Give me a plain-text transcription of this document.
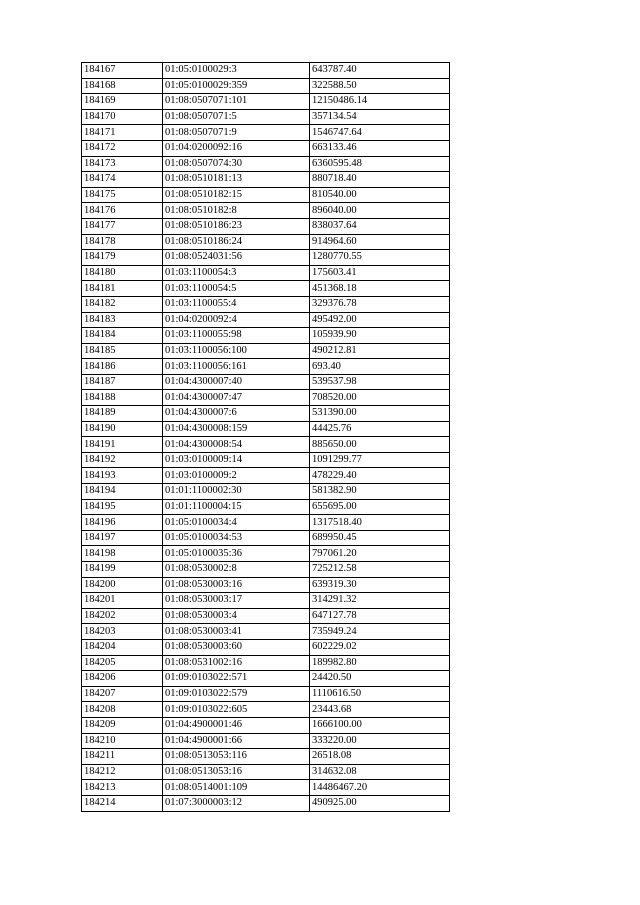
184167	01:05:0100029:3	643787.40
184168	01:05:0100029:359	322588.50
184169	01:08:0507071:101	12150486.14
184170	01:08:0507071:5	357134.54
184171	01:08:0507071:9	1546747.64
184172	01:04:0200092:16	663133.46
184173	01:08:0507074:30	6360595.48
184174	01:08:0510181:13	880718.40
184175	01:08:0510182:15	810540.00
184176	01:08:0510182:8	896040.00
184177	01:08:0510186:23	838037.64
184178	01:08:0510186:24	914964.60
184179	01:08:0524031:56	1280770.55
184180	01:03:1100054:3	175603.41
184181	01:03:1100054:5	451368.18
184182	01:03:1100055:4	329376.78
184183	01:04:0200092:4	495492.00
184184	01:03:1100055:98	105939.90
184185	01:03:1100056:100	490212.81
184186	01:03:1100056:161	693.40
184187	01:04:4300007:40	539537.98
184188	01:04:4300007:47	708520.00
184189	01:04:4300007:6	531390.00
184190	01:04:4300008:159	44425.76
184191	01:04:4300008:54	885650.00
184192	01:03:0100009:14	1091299.77
184193	01:03:0100009:2	478229.40
184194	01:01:1100002:30	581382.90
184195	01:01:1100004:15	655695.00
184196	01:05:0100034:4	1317518.40
184197	01:05:0100034:53	689950.45
184198	01:05:0100035:36	797061.20
184199	01:08:0530002:8	725212.58
184200	01:08:0530003:16	639319.30
184201	01:08:0530003:17	314291.32
184202	01:08:0530003:4	647127.78
184203	01:08:0530003:41	735949.24
184204	01:08:0530003:60	602229.02
184205	01:08:0531002:16	189982.80
184206	01:09:0103022:571	24420.50
184207	01:09:0103022:579	1110616.50
184208	01:09:0103022:605	23443.68
184209	01:04:4900001:46	1666100.00
184210	01:04:4900001:66	333220.00
184211	01:08:0513053:116	26518.08
184212	01:08:0513053:16	314632.08
184213	01:08:0514001:109	14486467.20
184214	01:07:3000003:12	490925.00
